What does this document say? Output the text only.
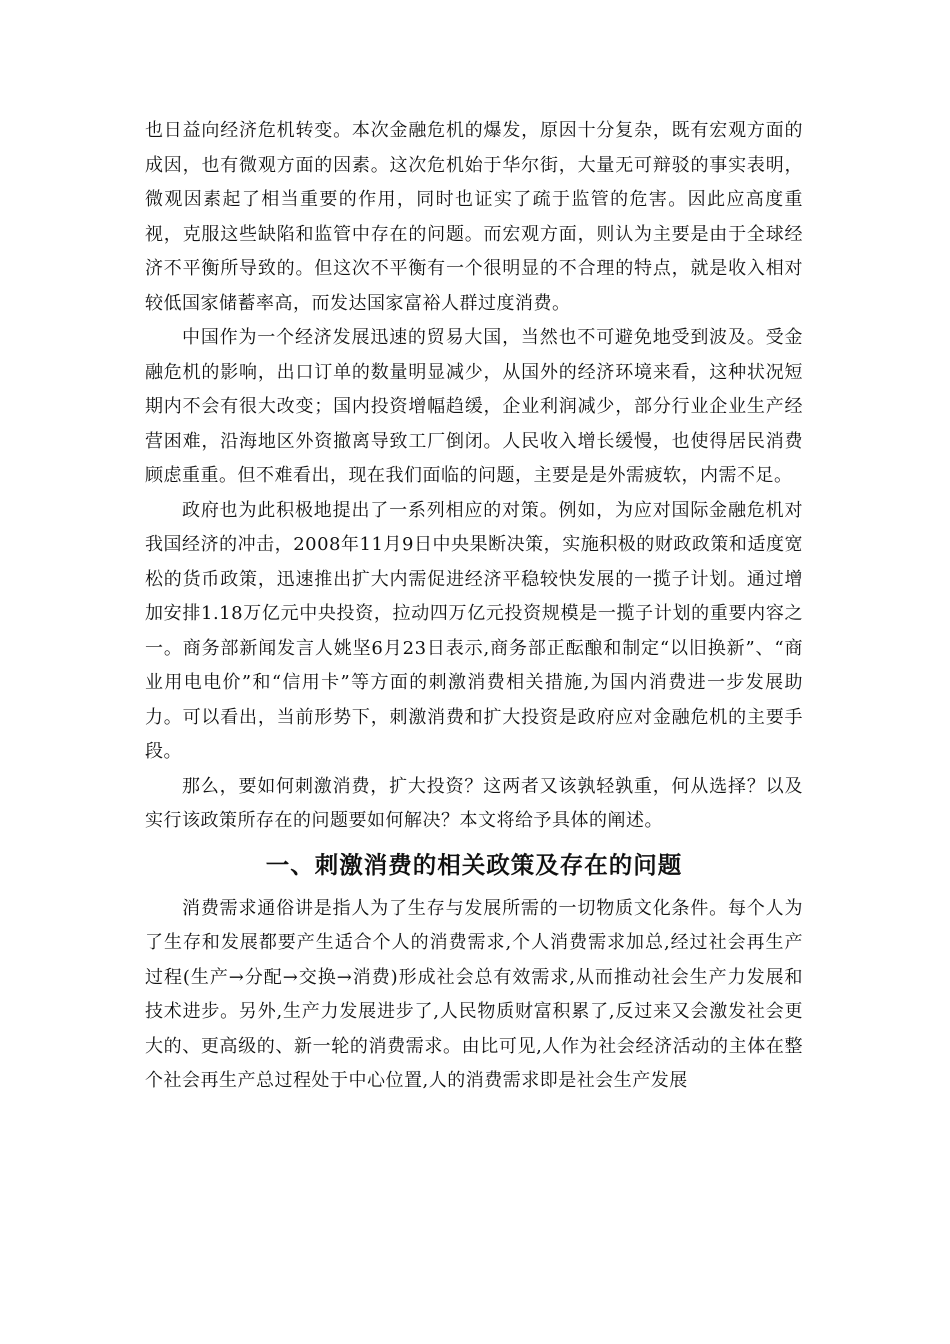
也日益向经济危机转变。本次金融危机的爆发，原因十分复杂，既有宏观方面的成因，也有微观方面的因素。这次危机始于华尔街，大量无可辩驳的事实表明，微观因素起了相当重要的作用，同时也证实了疏于监管的危害。因此应高度重视，克服这些缺陷和监管中存在的问题。而宏观方面，则认为主要是由于全球经济不平衡所导致的。但这次不平衡有一个很明显的不合理的特点，就是收入相对较低国家储蓄率高，而发达国家富裕人群过度消费。

中国作为一个经济发展迅速的贸易大国，当然也不可避免地受到波及。受金融危机的影响，出口订单的数量明显减少，从国外的经济环境来看，这种状况短期内不会有很大改变；国内投资增幅趋缓，企业利润减少，部分行业企业生产经营困难，沿海地区外资撤离导致工厂倒闭。人民收入增长缓慢，也使得居民消费顾虑重重。但不难看出，现在我们面临的问题，主要是是外需疲软，内需不足。

政府也为此积极地提出了一系列相应的对策。例如，为应对国际金融危机对我国经济的冲击，2008年11月9日中央果断决策，实施积极的财政政策和适度宽松的货币政策，迅速推出扩大内需促进经济平稳较快发展的一揽子计划。通过增加安排1.18万亿元中央投资，拉动四万亿元投资规模是一揽子计划的重要内容之一。商务部新闻发言人姚坚6月23日表示,商务部正酝酿和制定“以旧换新”、“商业用电电价”和“信用卡”等方面的刺激消费相关措施,为国内消费进一步发展助力。可以看出，当前形势下，刺激消费和扩大投资是政府应对金融危机的主要手段。

那么，要如何刺激消费，扩大投资？这两者又该孰轻孰重，何从选择？以及实行该政策所存在的问题要如何解决？本文将给予具体的阐述。

一、刺激消费的相关政策及存在的问题

消费需求通俗讲是指人为了生存与发展所需的一切物质文化条件。每个人为了生存和发展都要产生适合个人的消费需求,个人消费需求加总,经过社会再生产过程(生产→分配→交换→消费)形成社会总有效需求,从而推动社会生产力发展和技术进步。另外,生产力发展进步了,人民物质财富积累了,反过来又会激发社会更大的、更高级的、新一轮的消费需求。由比可见,人作为社会经济活动的主体在整个社会再生产总过程处于中心位置,人的消费需求即是社会生产发展
